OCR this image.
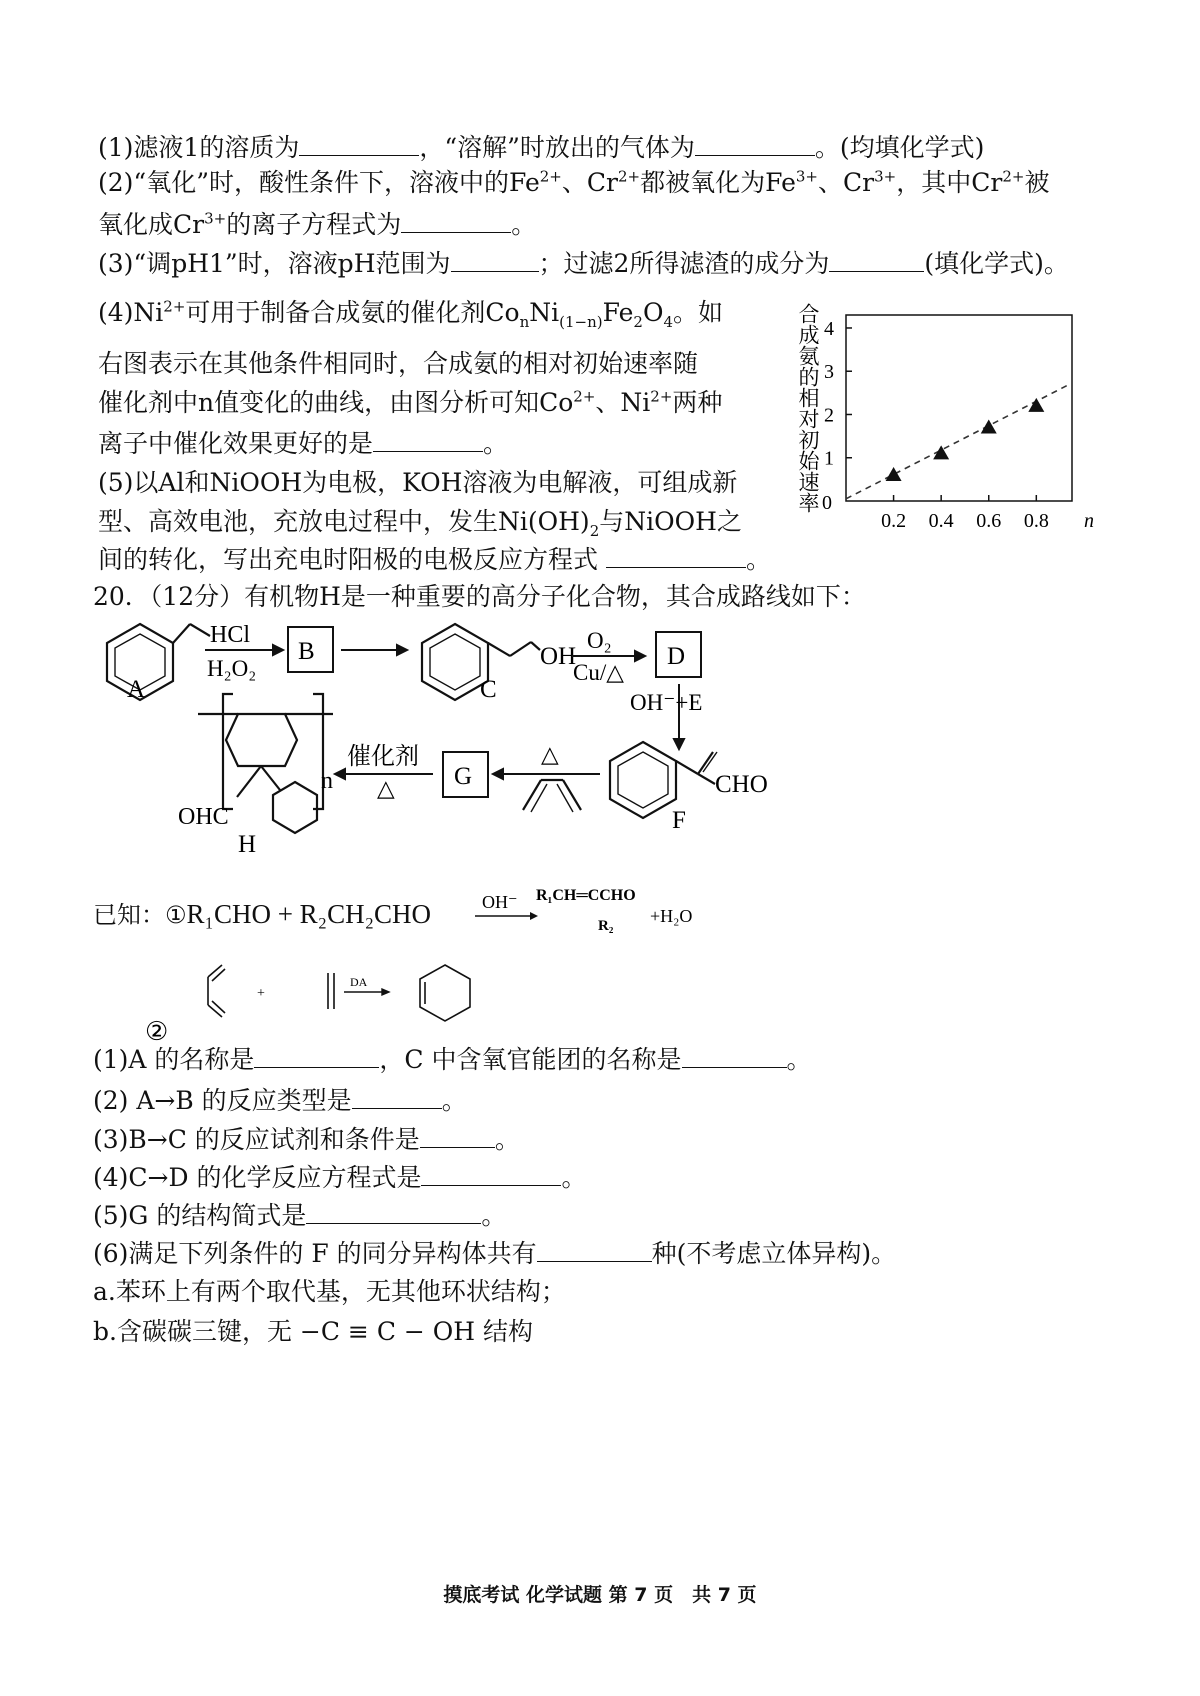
(1)滤液1的溶质为	，“溶解”时放出的气体为	。(均填化学式)
(2)“氧化”时，酸性条件下，溶液中的$Fe^{2+}$、$Cr^{2+}$都被氧化为$Fe^{3+}$、$Cr^{3+}$，其中$Cr^{2+}$被
氧化成$Cr^{3+}$的离子方程式为	。
(3)“调pH1”时，溶液pH范围为	；过滤2所得滤渣的成分为	(填化学式)。
$(4)Ni^{2+}$可用于制备合成氨的催化剂$Co_nNi_{(1-n)}Fe_2O_4$。如
右图表示在其他条件相同时，合成氨的相对初始速率随
催化剂中n值变化的曲线，由图分析可知$Co^{2+}$、$Ni^{2+}$两种
离子中催化效果更好的是	。
(5)以Al和NiOOH为电极，KOH溶液为电解液，可组成新
型、高效电池，充放电过程中，发生$Ni(OH)_2$与NiOOH之
间的转化，写出充电时阳极的电极反应方程式	。
合成氨的相对初始速率 1
2
3
4
0
0.2 0.4 0.6 0.8 n
20．（12分）有机物H是一种重要的高分子化合物，其合成路线如下：
A
HCl
H₂O₂
B	OH
C
O₂
Cu/△
D
OH⁻+E
CHO
F
△
G
催化剂
△
n
OHC
H
已知：①R₁CHO + R₂CH₂CHO	OH⁻ R₁CH═CCHO
R₂ +H₂O
②
+
DA
(1)A 的名称是	，C 中含氧官能团的名称是	。
(2) A→B 的反应类型是	。
(3)B→C 的反应试剂和条件是	。
(4)C→D 的化学反应方程式是	。
(5)G 的结构简式是	。
(6)满足下列条件的 F 的同分异构体共有	种(不考虑立体异构)。
a.苯环上有两个取代基，无其他环状结构；
b.含碳碳三键，无 −C ≡ C − OH 结构
摸底考试 化学试题 第 7 页　共 7 页
